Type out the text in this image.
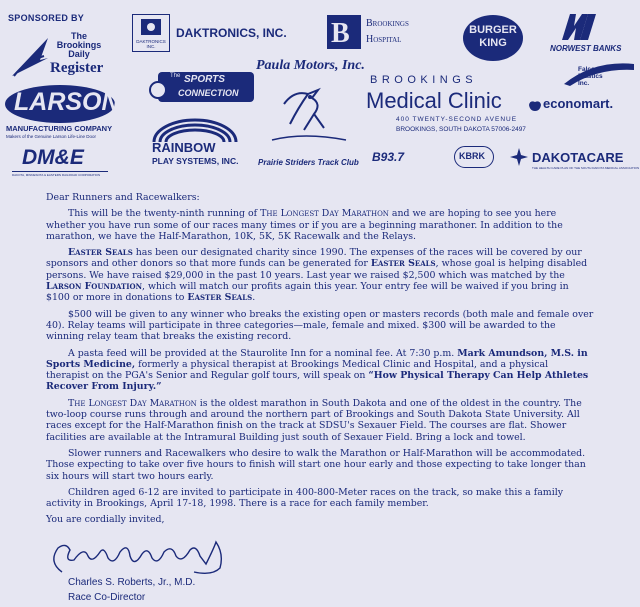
SPONSORED BY
The
Brookings
Daily
Register
LARSON
MANUFACTURING COMPANY
Makers of the Genuine Larson Life-Line Door
DM&E
DAKOTA, MINNESOTA & EASTERN RAILROAD CORPORATION
DAKTRONICS INC.
DAKTRONICS, INC. B Brookings
Hospital
BURGER
KING	NORWEST BANKS
Falcon
Plastics
Inc.
The SPORTS
CONNECTION
RAINBOW
PLAY SYSTEMS, INC.
Paula Motors, Inc.
Prairie Striders Track Club
BROOKINGS
Medical Clinic
400 TWENTY-SECOND AVENUE
BROOKINGS, SOUTH DAKOTA 57006-2497
economart.
B93.7	KBRK	DAKOTACARE
THE HEALTH CARE PLAN OF THE SOUTH DAKOTA MEDICAL ASSOCIATION

Dear Runners and Racewalkers:

This will be the twenty-ninth running of The Longest Day Marathon and we are hoping to see you here whether you have run some of our races many times or if you are a beginning marathoner. In addition to the marathon, we have the Half-Marathon, 10K, 5K, 5K Racewalk and the Relays.

Easter Seals has been our designated charity since 1990. The expenses of the races will be covered by our sponsors and other donors so that more funds can be generated for Easter Seals, whose goal is helping disabled persons. We have raised $29,000 in the past 10 years. Last year we raised $2,500 which was matched by the Larson Foundation, which will match our profits again this year. Your entry fee will be waived if you bring in $100 or more in donations to Easter Seals.

$500 will be given to any winner who breaks the existing open or masters records (both male and female over 40). Relay teams will participate in three categories—male, female and mixed. $300 will be awarded to the winning relay team that breaks the existing record.

A pasta feed will be provided at the Staurolite Inn for a nominal fee. At 7:30 p.m. Mark Amundson, M.S. in Sports Medicine, formerly a physical therapist at Brookings Medical Clinic and Hospital, and a physical therapist on the PGA's Senior and Regular golf tours, will speak on “How Physical Therapy Can Help Athletes Recover From Injury.”

The Longest Day Marathon is the oldest marathon in South Dakota and one of the oldest in the country. The two-loop course runs through and around the northern part of Brookings and South Dakota State University. All races except for the Half-Marathon finish on the track at SDSU's Sexauer Field. The courses are flat. Shower facilities are available at the Intramural Building just south of Sexauer Field. Bring a lock and towel.

Slower runners and Racewalkers who desire to walk the Marathon or Half-Marathon will be accommodated. Those expecting to take over five hours to finish will start one hour early and those expecting to take longer than six hours will start two hours early.

Children aged 6-12 are invited to participate in 400-800-Meter races on the track, so make this a family activity in Brookings, April 17-18, 1998. There is a race for each family member.

You are cordially invited,

Charles S. Roberts, Jr., M.D.
Race Co-Director
